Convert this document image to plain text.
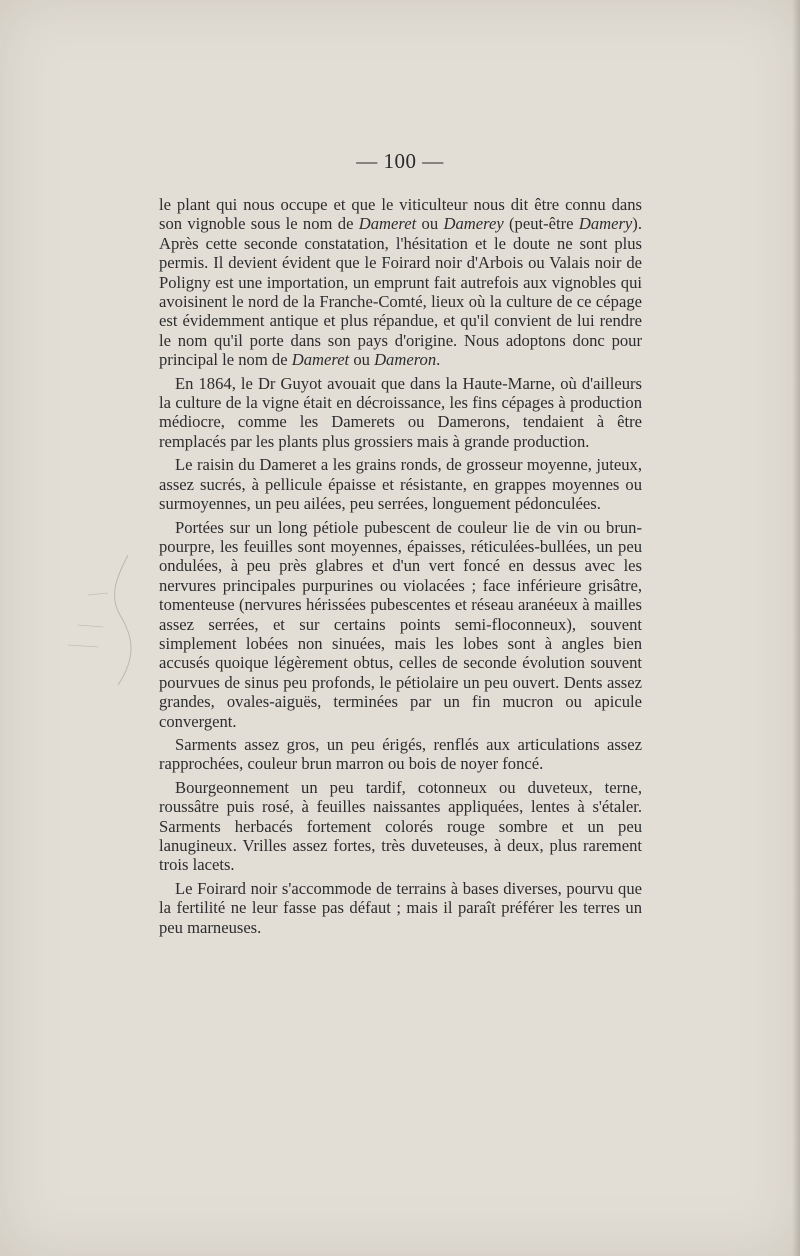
— 100 —

le plant qui nous occupe et que le viticulteur nous dit être connu dans son vignoble sous le nom de Dameret ou Damerey (peut-être Damery). Après cette seconde constatation, l'hésitation et le doute ne sont plus permis. Il devient évident que le Foirard noir d'Arbois ou Valais noir de Poligny est une importation, un emprunt fait autrefois aux vignobles qui avoisinent le nord de la Franche-Comté, lieux où la culture de ce cépage est évidemment antique et plus répandue, et qu'il convient de lui rendre le nom qu'il porte dans son pays d'origine. Nous adoptons donc pour principal le nom de Dameret ou Dameron.

En 1864, le Dr Guyot avouait que dans la Haute-Marne, où d'ailleurs la culture de la vigne était en décroissance, les fins cépages à production médiocre, comme les Damerets ou Damerons, tendaient à être remplacés par les plants plus grossiers mais à grande production.

Le raisin du Dameret a les grains ronds, de grosseur moyenne, juteux, assez sucrés, à pellicule épaisse et résistante, en grappes moyennes ou surmoyennes, un peu ailées, peu serrées, longuement pédonculées.

Portées sur un long pétiole pubescent de couleur lie de vin ou brun-pourpre, les feuilles sont moyennes, épaisses, réticulées-bullées, un peu ondulées, à peu près glabres et d'un vert foncé en dessus avec les nervures principales purpurines ou violacées ; face inférieure grisâtre, tomenteuse (nervures hérissées pubescentes et réseau aranéeux à mailles assez serrées, et sur certains points semi-floconneux), souvent simplement lobées non sinuées, mais les lobes sont à angles bien accusés quoique légèrement obtus, celles de seconde évolution souvent pourvues de sinus peu profonds, le pétiolaire un peu ouvert. Dents assez grandes, ovales-aiguës, terminées par un fin mucron ou apicule convergent.

Sarments assez gros, un peu érigés, renflés aux articulations assez rapprochées, couleur brun marron ou bois de noyer foncé.

Bourgeonnement un peu tardif, cotonneux ou duveteux, terne, roussâtre puis rosé, à feuilles naissantes appliquées, lentes à s'étaler. Sarments herbacés fortement colorés rouge sombre et un peu lanugineux. Vrilles assez fortes, très duveteuses, à deux, plus rarement trois lacets.

Le Foirard noir s'accommode de terrains à bases diverses, pourvu que la fertilité ne leur fasse pas défaut ; mais il paraît préférer les terres un peu marneuses.
